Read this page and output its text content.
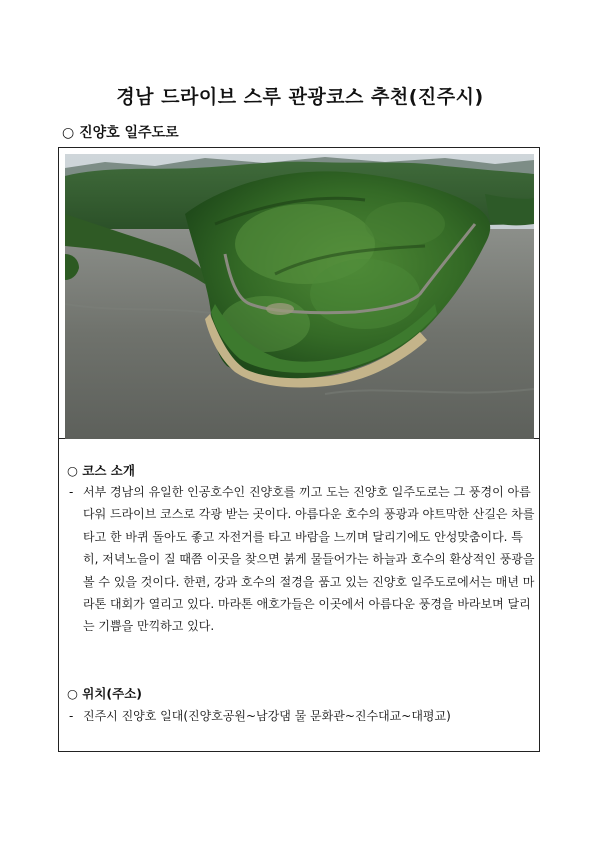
경남 드라이브 스루 관광코스 추천(진주시)
○ 진양호 일주도로
○ 코스 소개
- 서부 경남의 유일한 인공호수인 진양호를 끼고 도는 진양호 일주도로는 그 풍경이 아름다워 드라이브 코스로 각광 받는 곳이다. 아름다운 호수의 풍광과 야트막한 산길은 차를 타고 한 바퀴 돌아도 좋고 자전거를 타고 바람을 느끼며 달리기에도 안성맞춤이다. 특히, 저녁노을이 질 때쯤 이곳을 찾으면 붉게 물들어가는 하늘과 호수의 환상적인 풍광을 볼 수 있을 것이다. 한편, 강과 호수의 절경을 품고 있는 진양호 일주도로에서는 매년 마라톤 대회가 열리고 있다. 마라톤 애호가들은 이곳에서 아름다운 풍경을 바라보며 달리는 기쁨을 만끽하고 있다.
○ 위치(주소)
- 진주시 진양호 일대(진양호공원~남강댐 물 문화관~진수대교~대평교)
